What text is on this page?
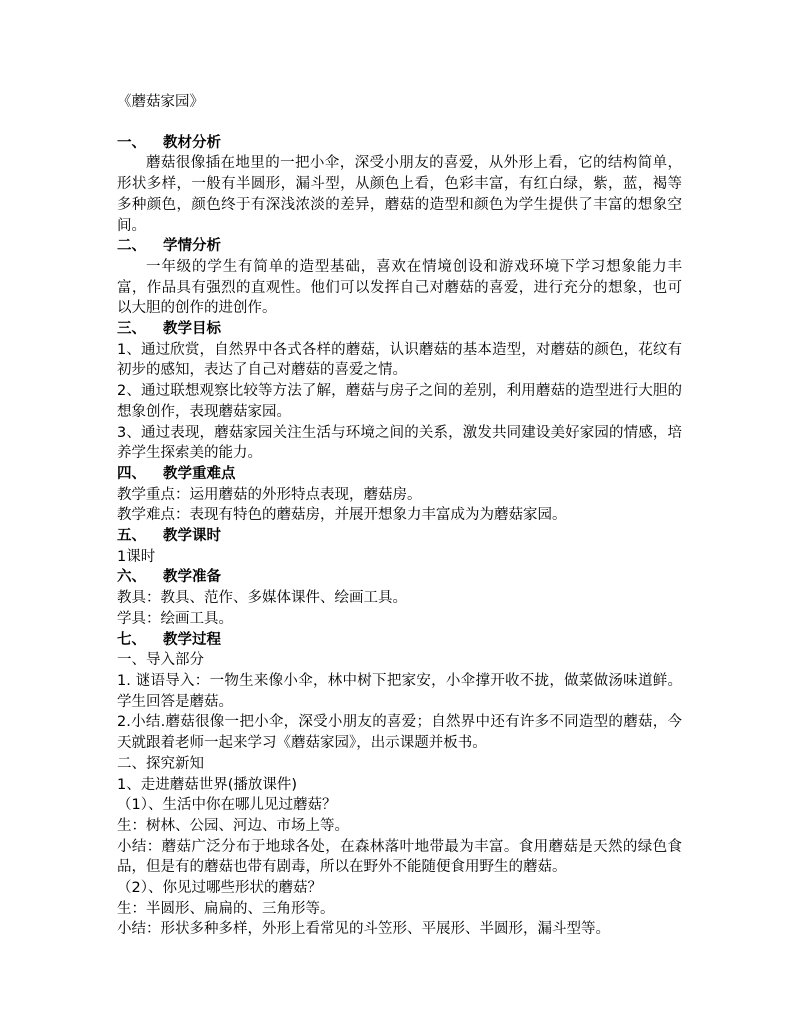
《蘑菇家园》
一、 教材分析
蘑菇很像插在地里的一把小伞，深受小朋友的喜爱，从外形上看，它的结构简单，形状多样，一般有半圆形，漏斗型，从颜色上看，色彩丰富，有红白绿，紫，蓝，褐等多种颜色，颜色终于有深浅浓淡的差异，蘑菇的造型和颜色为学生提供了丰富的想象空间。
二、 学情分析
一年级的学生有简单的造型基础，喜欢在情境创设和游戏环境下学习想象能力丰富，作品具有强烈的直观性。他们可以发挥自己对蘑菇的喜爱，进行充分的想象，也可以大胆的创作的进创作。
三、 教学目标
1、通过欣赏，自然界中各式各样的蘑菇，认识蘑菇的基本造型，对蘑菇的颜色，花纹有初步的感知，表达了自己对蘑菇的喜爱之情。
2、通过联想观察比较等方法了解，蘑菇与房子之间的差别，利用蘑菇的造型进行大胆的想象创作，表现蘑菇家园。
3、通过表现，蘑菇家园关注生活与环境之间的关系，激发共同建设美好家园的情感，培养学生探索美的能力。
四、 教学重难点
教学重点：运用蘑菇的外形特点表现，蘑菇房。
教学难点：表现有特色的蘑菇房，并展开想象力丰富成为为蘑菇家园。
五、 教学课时
1课时
六、 教学准备
教具：教具、范作、多媒体课件、绘画工具。
学具：绘画工具。
七、 教学过程
一、导入部分
1. 谜语导入：一物生来像小伞，林中树下把家安，小伞撑开收不拢，做菜做汤味道鲜。学生回答是蘑菇。
2.小结.蘑菇很像一把小伞，深受小朋友的喜爱；自然界中还有许多不同造型的蘑菇，今天就跟着老师一起来学习《蘑菇家园》，出示课题并板书。
二、探究新知
1、走进蘑菇世界(播放课件)
（1）、生活中你在哪儿见过蘑菇？
生：树林、公园、河边、市场上等。
小结：蘑菇广泛分布于地球各处，在森林落叶地带最为丰富。食用蘑菇是天然的绿色食品，但是有的蘑菇也带有剧毒，所以在野外不能随便食用野生的蘑菇。
（2）、你见过哪些形状的蘑菇？
生：半圆形、扁扁的、三角形等。
小结：形状多种多样，外形上看常见的斗笠形、平展形、半圆形，漏斗型等。
